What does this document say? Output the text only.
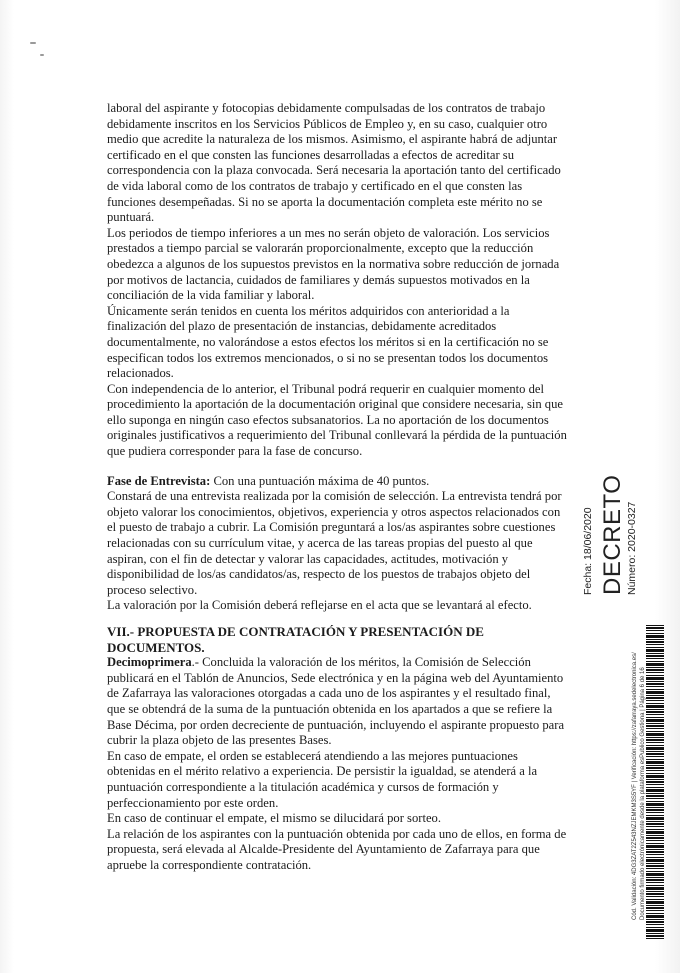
laboral del aspirante y fotocopias debidamente compulsadas de los contratos de trabajo debidamente inscritos en los Servicios Públicos de Empleo y, en su caso, cualquier otro medio que acredite la naturaleza de los mismos. Asimismo, el aspirante habrá de adjuntar certificado en el que consten las funciones desarrolladas a efectos de acreditar su correspondencia con la plaza convocada. Será necesaria la aportación tanto del certificado de vida laboral como de los contratos de trabajo y certificado en el que consten las funciones desempeñadas. Si no se aporta la documentación completa este mérito no se puntuará.

Los periodos de tiempo inferiores a un mes no serán objeto de valoración. Los servicios prestados a tiempo parcial se valorarán proporcionalmente, excepto que la reducción obedezca a algunos de los supuestos previstos en la normativa sobre reducción de jornada por motivos de lactancia, cuidados de familiares y demás supuestos motivados en la conciliación de la vida familiar y laboral.

Únicamente serán tenidos en cuenta los méritos adquiridos con anterioridad a la finalización del plazo de presentación de instancias, debidamente acreditados documentalmente, no valorándose a estos efectos los méritos si en la certificación no se especifican todos los extremos mencionados, o si no se presentan todos los documentos relacionados.

Con independencia de lo anterior, el Tribunal podrá requerir en cualquier momento del procedimiento la aportación de la documentación original que considere necesaria, sin que ello suponga en ningún caso efectos subsanatorios. La no aportación de los documentos originales justificativos a requerimiento del Tribunal conllevará la pérdida de la puntuación que pudiera corresponder para la fase de concurso.

Fase de Entrevista: Con una puntuación máxima de 40 puntos.

Constará de una entrevista realizada por la comisión de selección. La entrevista tendrá por objeto valorar los conocimientos, objetivos, experiencia y otros aspectos relacionados con el puesto de trabajo a cubrir. La Comisión preguntará a los/as aspirantes sobre cuestiones relacionadas con su currículum vitae, y acerca de las tareas propias del puesto al que aspiran, con el fin de detectar y valorar las capacidades, actitudes, motivación y disponibilidad de los/as candidatos/as, respecto de los puestos de trabajos objeto del proceso selectivo.

La valoración por la Comisión deberá reflejarse en el acta que se levantará al efecto.

VII.- PROPUESTA DE CONTRATACIÓN Y PRESENTACIÓN DE DOCUMENTOS.

Decimoprimera.- Concluida la valoración de los méritos, la Comisión de Selección publicará en el Tablón de Anuncios, Sede electrónica y en la página web del Ayuntamiento de Zafarraya las valoraciones otorgadas a cada uno de los aspirantes y el resultado final, que se obtendrá de la suma de la puntuación obtenida en los apartados a que se refiere la Base Décima, por orden decreciente de puntuación, incluyendo el aspirante propuesto para cubrir la plaza objeto de las presentes Bases.

En caso de empate, el orden se establecerá atendiendo a las mejores puntuaciones obtenidas en el mérito relativo a experiencia. De persistir la igualdad, se atenderá a la puntuación correspondiente a la titulación académica y cursos de formación y perfeccionamiento por este orden.

En caso de continuar el empate, el mismo se dilucidará por sorteo.

La relación de los aspirantes con la puntuación obtenida por cada uno de ellos, en forma de propuesta, será elevada al Alcalde-Presidente del Ayuntamiento de Zafarraya para que apruebe la correspondiente contratación.

Fecha: 18/06/2020 DECRETO Número: 2020-0327
Cód. Validación: 4DG3ZAT2Z543NZJEMKM3S5YF | Verificación: https://zafarraya.sedelectronica.es/ Documento firmado electrónicamente desde la plataforma esPublico Gestiona | Página 6 de 16
